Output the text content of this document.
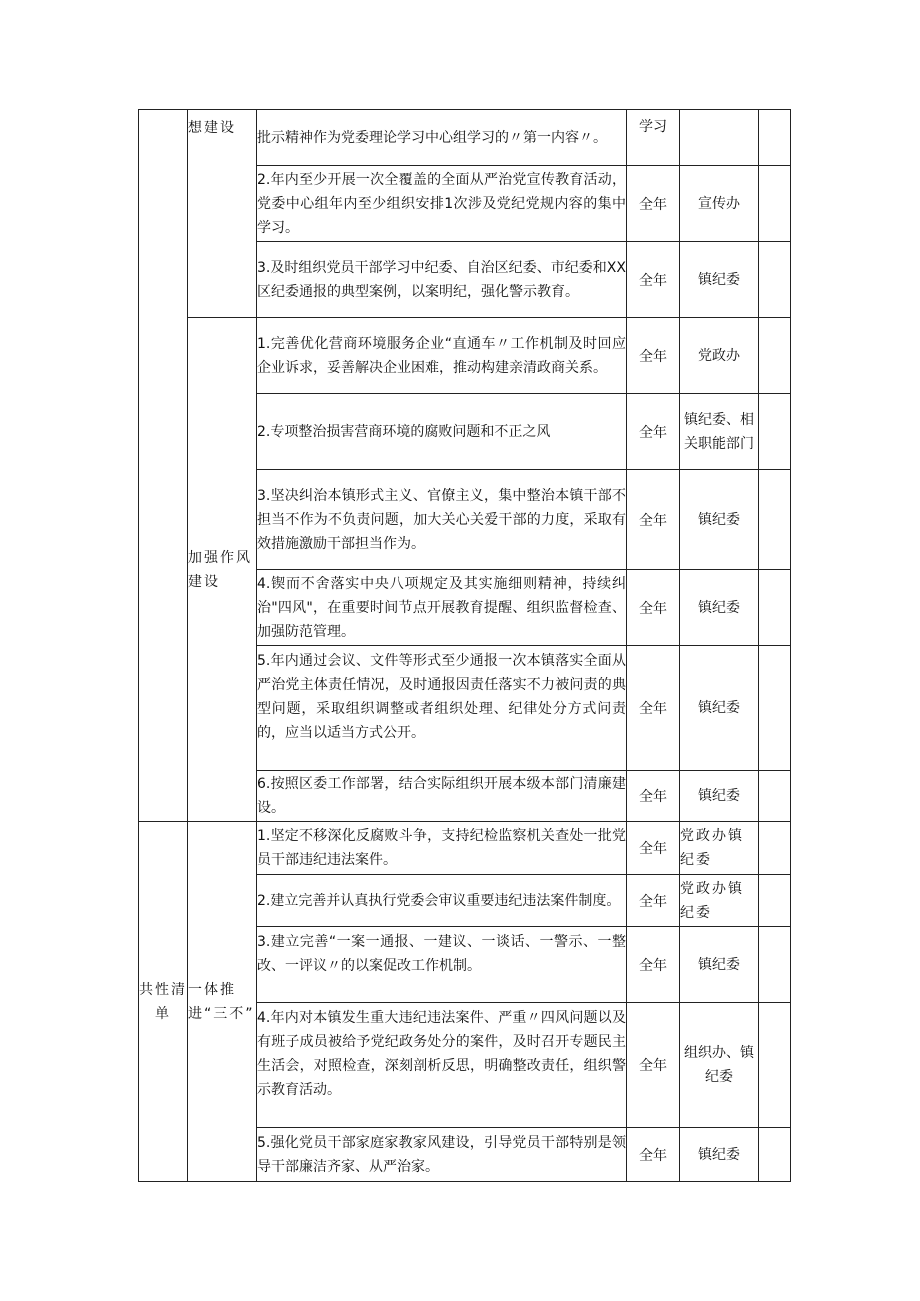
	想建设	批示精神作为党委理论学习中心组学习的〃第一内容〃。	学习		
		2.年内至少开展一次全覆盖的全面从严治党宣传教育活动，党委中心组年内至少组织安排1次涉及党纪党规内容的集中学习。	全年	宣传办	
		3.及时组织党员干部学习中纪委、自治区纪委、市纪委和XX区纪委通报的典型案例，以案明纪，强化警示教育。	全年	镇纪委	
	加强作风建设	1.完善优化营商环境服务企业“直通车〃工作机制及时回应企业诉求，妥善解决企业困难，推动构建亲清政商关系。	全年	党政办	
		2.专项整治损害营商环境的腐败问题和不正之风	全年	镇纪委、相关职能部门	
		3.坚决纠治本镇形式主义、官僚主义，集中整治本镇干部不担当不作为不负责问题，加大关心关爱干部的力度，采取有效措施激励干部担当作为。	全年	镇纪委	
		4.锲而不舍落实中央八项规定及其实施细则精神，持续纠治"四风"，在重要时间节点开展教育提醒、组织监督检查、加强防范管理。	全年	镇纪委	
		5.年内通过会议、文件等形式至少通报一次本镇落实全面从严治党主体责任情况，及时通报因责任落实不力被问责的典型问题，采取组织调整或者组织处理、纪律处分方式问责的，应当以适当方式公开。	全年	镇纪委	
		6.按照区委工作部署，结合实际组织开展本级本部门清廉建设。	全年	镇纪委	
共性清单	一体推进“三不”	1.坚定不移深化反腐败斗争，支持纪检监察机关查处一批党员干部违纪违法案件。	全年	党政办镇纪委	
		2.建立完善并认真执行党委会审议重要违纪违法案件制度。	全年	党政办镇纪委	
		3.建立完善“一案一通报、一建议、一谈话、一警示、一整改、一评议〃的以案促改工作机制。	全年	镇纪委	
		4.年内对本镇发生重大违纪违法案件、严重〃四风问题以及有班子成员被给予党纪政务处分的案件，及时召开专题民主生活会，对照检查，深刻剖析反思，明确整改责任，组织警示教育活动。	全年	组织办、镇纪委	
		5.强化党员干部家庭家教家风建设，引导党员干部特别是领导干部廉洁齐家、从严治家。	全年	镇纪委	
